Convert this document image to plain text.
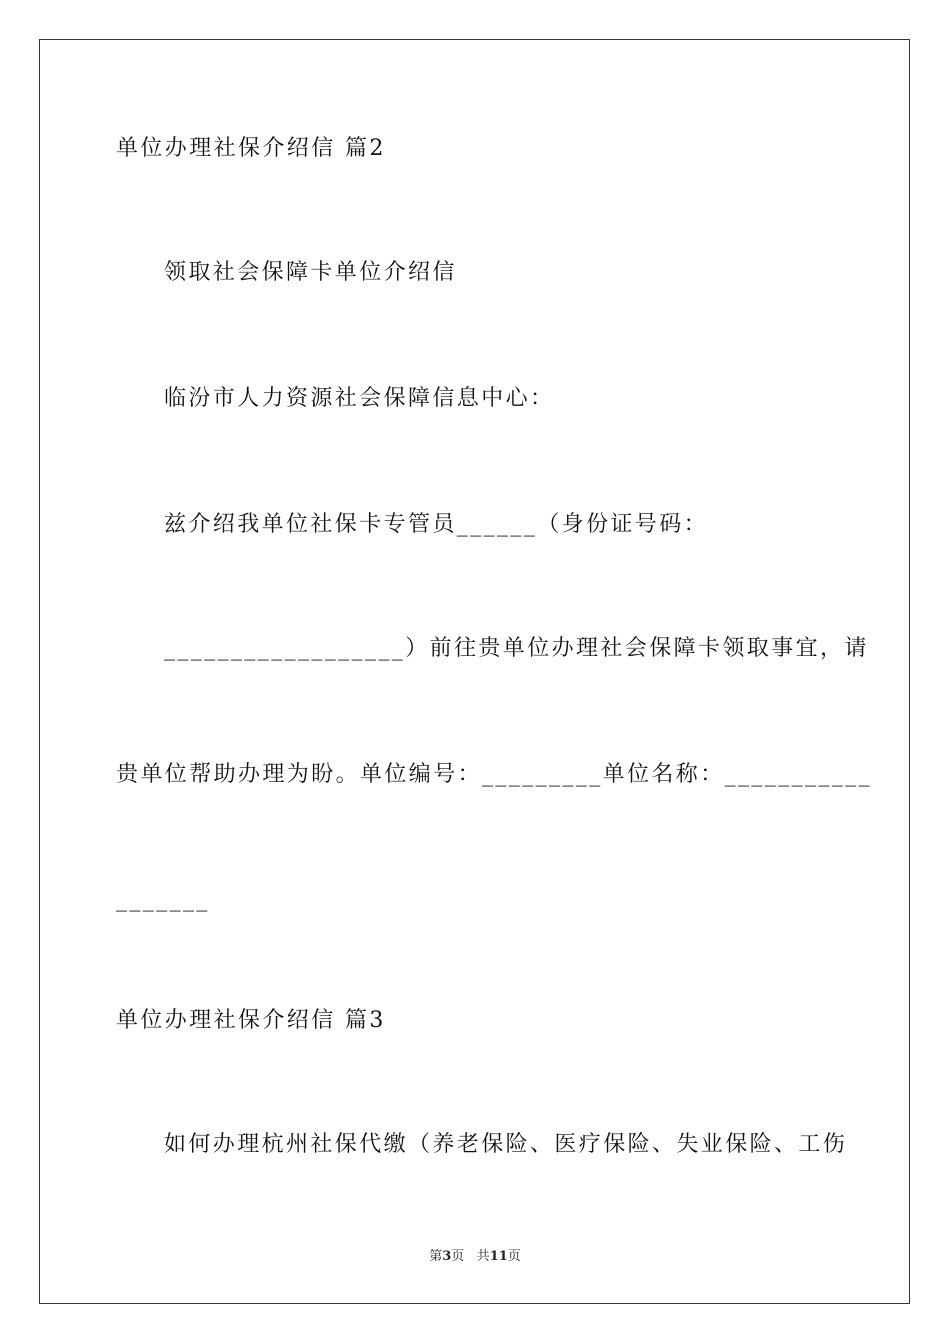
单位办理社保介绍信 篇2
领取社会保障卡单位介绍信
临汾市人力资源社会保障信息中心：
兹介绍我单位社保卡专管员______（身份证号码：
__________________）前往贵单位办理社会保障卡领取事宜，请
贵单位帮助办理为盼。单位编号：_________单位名称：___________
_______
单位办理社保介绍信 篇3
如何办理杭州社保代缴（养老保险、医疗保险、失业保险、工伤
第3页 共11页
